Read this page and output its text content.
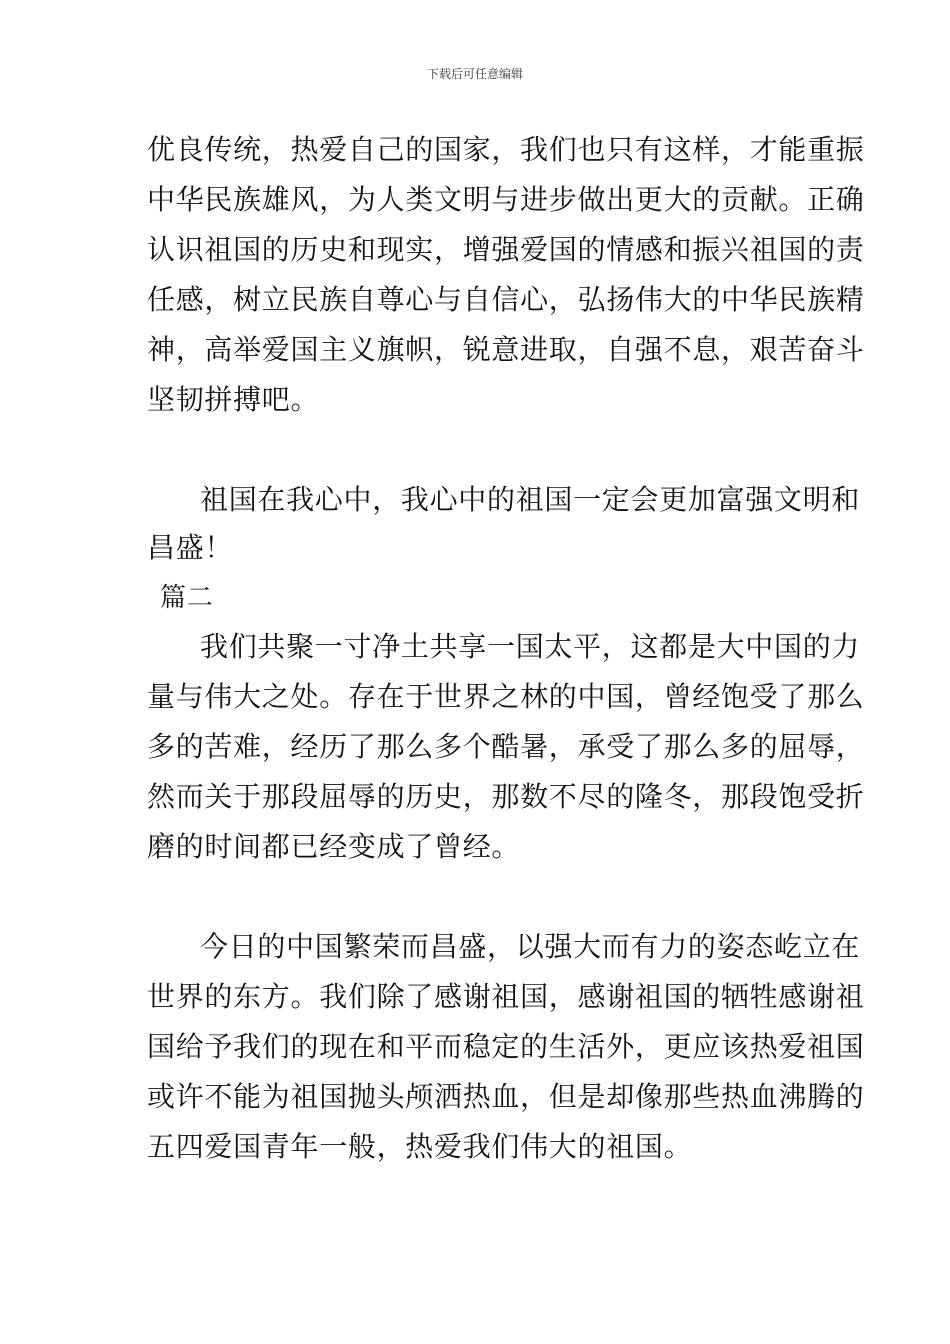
下载后可任意编辑
优良传统，热爱自己的国家，我们也只有这样，才能重振
中华民族雄风，为人类文明与进步做出更大的贡献。正确
认识祖国的历史和现实，增强爱国的情感和振兴祖国的责
任感，树立民族自尊心与自信心，弘扬伟大的中华民族精
神，高举爱国主义旗帜，锐意进取，自强不息，艰苦奋斗
坚韧拼搏吧。
祖国在我心中，我心中的祖国一定会更加富强文明和
昌盛！
篇二
我们共聚一寸净土共享一国太平，这都是大中国的力
量与伟大之处。存在于世界之林的中国，曾经饱受了那么
多的苦难，经历了那么多个酷暑，承受了那么多的屈辱，
然而关于那段屈辱的历史，那数不尽的隆冬，那段饱受折
磨的时间都已经变成了曾经。
今日的中国繁荣而昌盛，以强大而有力的姿态屹立在
世界的东方。我们除了感谢祖国，感谢祖国的牺牲感谢祖
国给予我们的现在和平而稳定的生活外，更应该热爱祖国
或许不能为祖国抛头颅洒热血，但是却像那些热血沸腾的
五四爱国青年一般，热爱我们伟大的祖国。
